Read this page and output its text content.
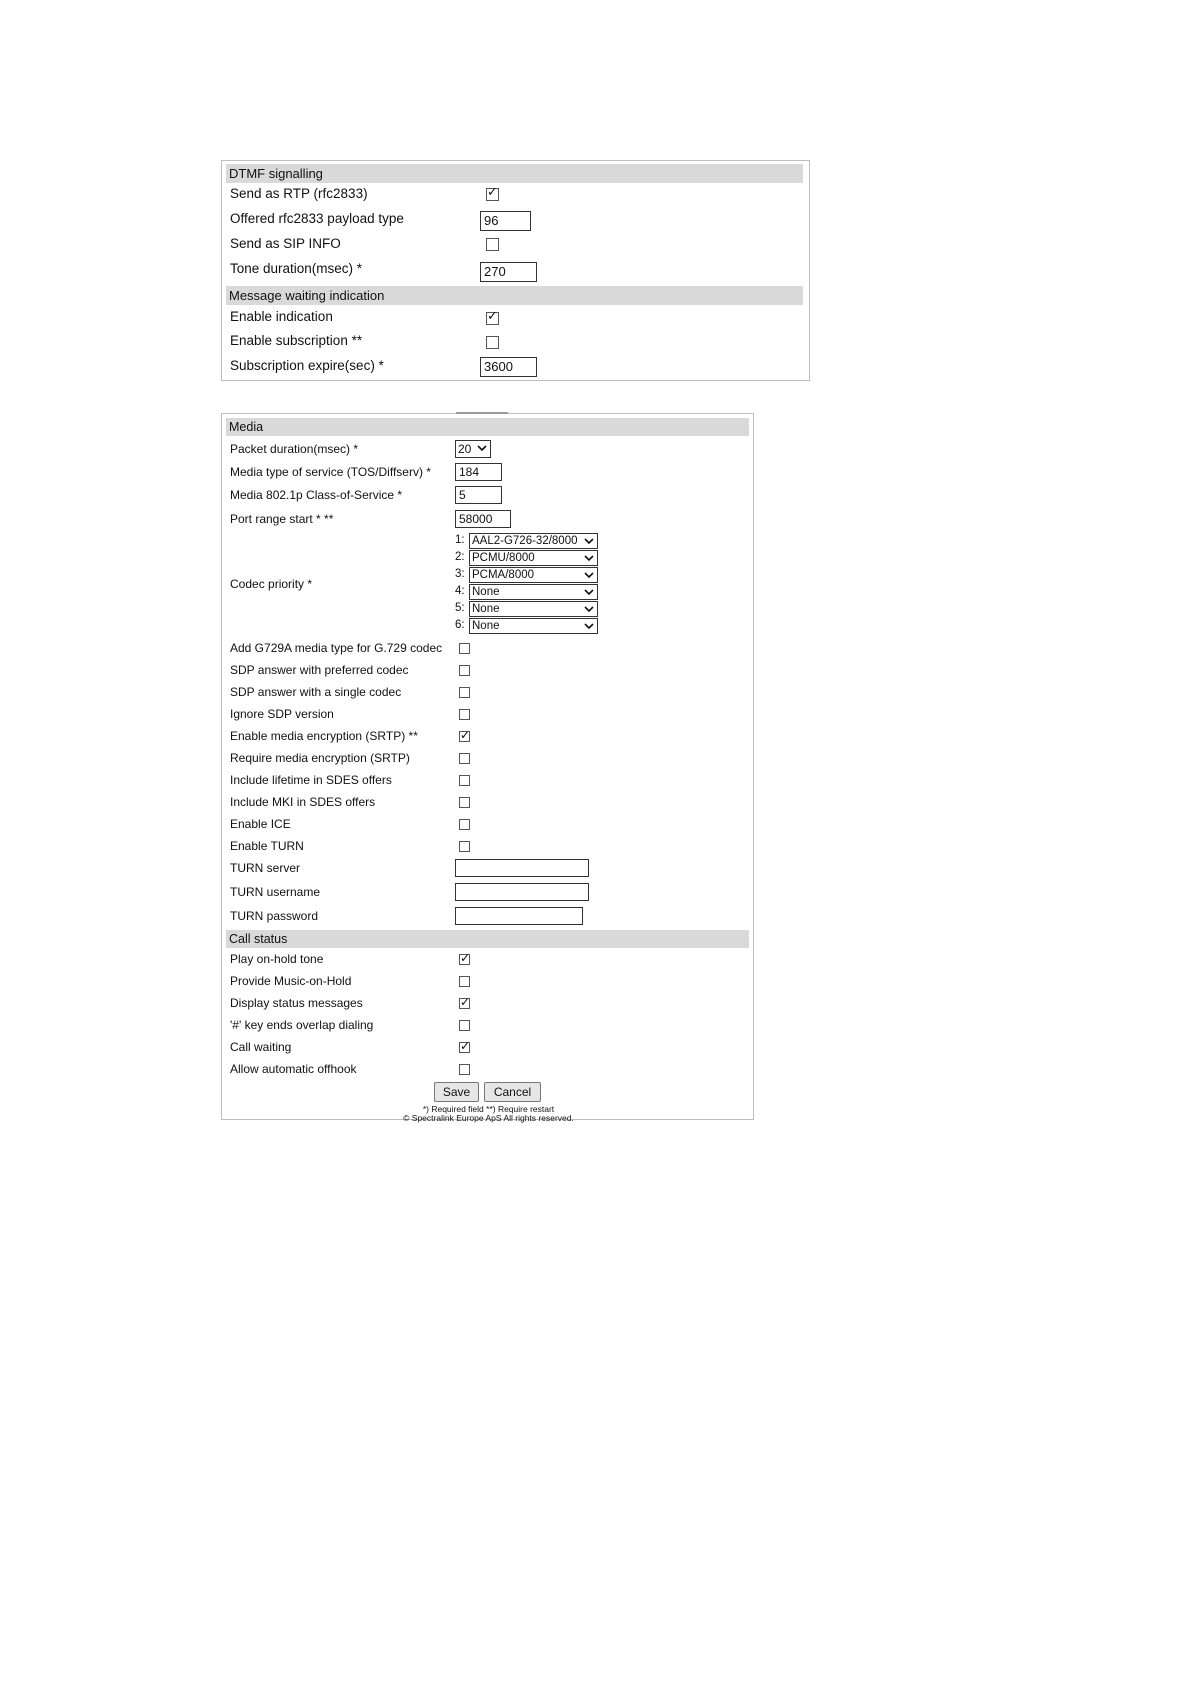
DTMF signalling
Send as RTP (rfc2833)	✓
Offered rfc2833 payload type	96
Send as SIP INFO
Tone duration(msec) *	270
Message waiting indication
Enable indication	✓
Enable subscription **
Subscription expire(sec) *	3600
Media
Packet duration(msec) *	20
Media type of service (TOS/Diffserv) *	184
Media 802.1p Class-of-Service *	5
Port range start * **	58000
Codec priority *
1: AAL2-G726-32/8000
2: PCMU/8000
3: PCMA/8000
4: None
5: None
6: None
Add G729A media type for G.729 codec
SDP answer with preferred codec
SDP answer with a single codec
Ignore SDP version
Enable media encryption (SRTP) **	✓
Require media encryption (SRTP)
Include lifetime in SDES offers
Include MKI in SDES offers
Enable ICE
Enable TURN
TURN server
TURN username
TURN password
Call status
Play on-hold tone	✓
Provide Music-on-Hold
Display status messages	✓
'#' key ends overlap dialing
Call waiting	✓
Allow automatic offhook
Save	Cancel
*) Required field **) Require restart
© Spectralink Europe ApS All rights reserved.
